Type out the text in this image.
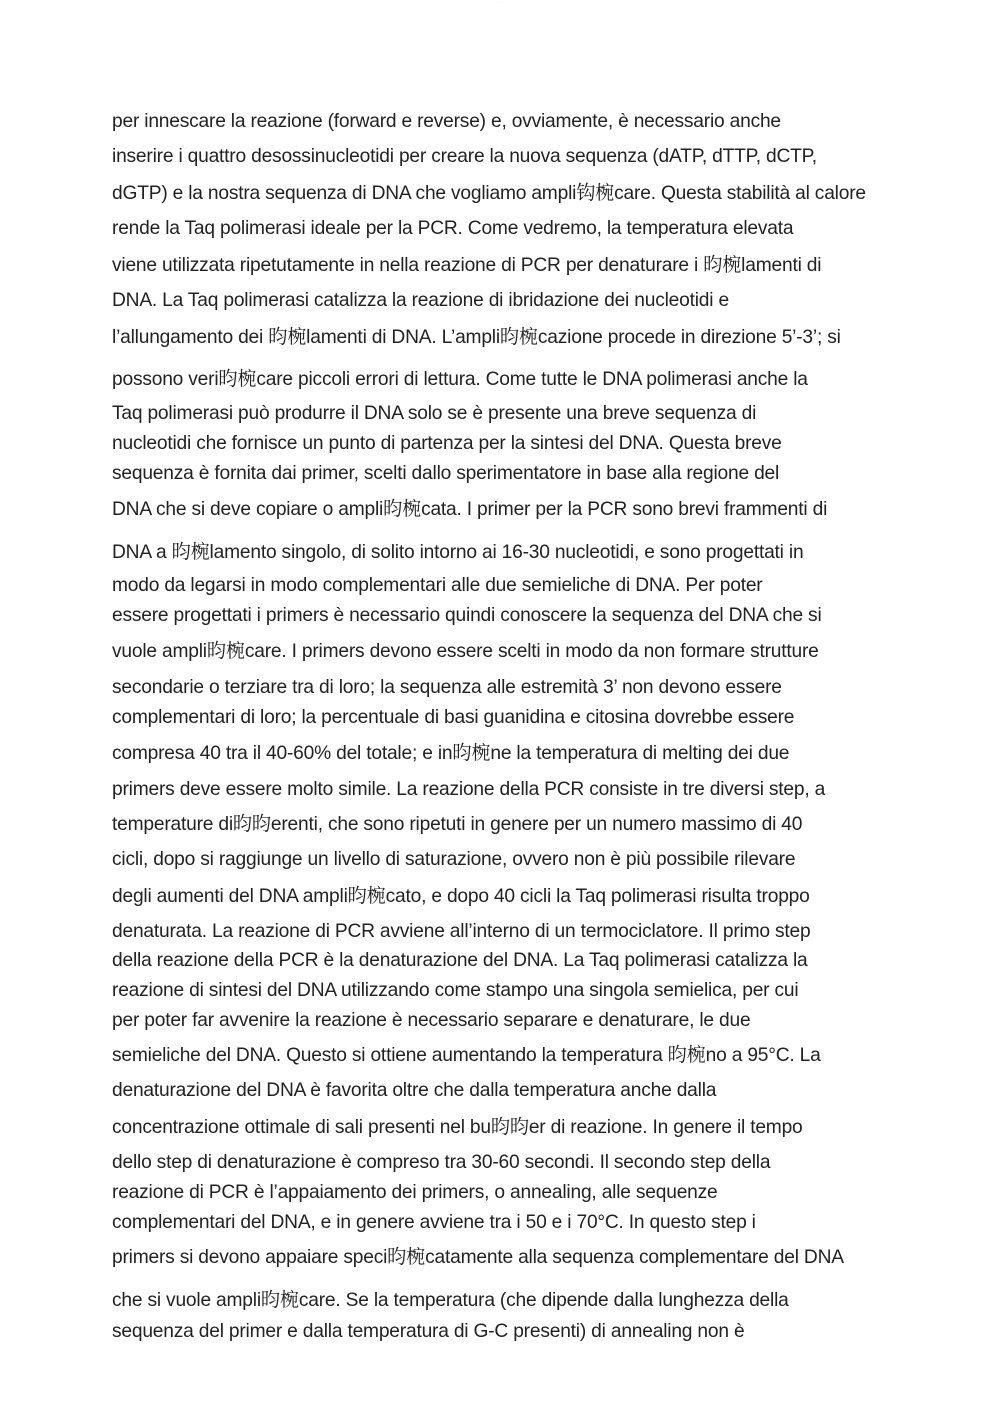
·········
per innescare la reazione (forward e reverse) e, ovviamente, è necessario anche
inserire i quattro desossinucleotidi per creare la nuova sequenza (dATP, dTTP, dCTP,
dGTP) e la nostra sequenza di DNA che vogliamo ampli钩椀care. Questa stabilità al calore
rende la Taq polimerasi ideale per la PCR. Come vedremo, la temperatura elevata
viene utilizzata ripetutamente in nella reazione di PCR per denaturare i 昀椀lamenti di
DNA. La Taq polimerasi catalizza la reazione di ibridazione dei nucleotidi e
l’allungamento dei 昀椀lamenti di DNA. L’ampli昀椀cazione procede in direzione 5’-3’; si
possono veri昀椀care piccoli errori di lettura. Come tutte le DNA polimerasi anche la
Taq polimerasi può produrre il DNA solo se è presente una breve sequenza di
nucleotidi che fornisce un punto di partenza per la sintesi del DNA. Questa breve
sequenza è fornita dai primer, scelti dallo sperimentatore in base alla regione del
DNA che si deve copiare o ampli昀椀cata. I primer per la PCR sono brevi frammenti di
DNA a 昀椀lamento singolo, di solito intorno ai 16-30 nucleotidi, e sono progettati in
modo da legarsi in modo complementari alle due semieliche di DNA. Per poter
essere progettati i primers è necessario quindi conoscere la sequenza del DNA che si
vuole ampli昀椀care. I primers devono essere scelti in modo da non formare strutture
secondarie o terziare tra di loro; la sequenza alle estremità 3’ non devono essere
complementari di loro; la percentuale di basi guanidina e citosina dovrebbe essere
compresa 40 tra il 40-60% del totale; e in昀椀ne la temperatura di melting dei due
primers deve essere molto simile. La reazione della PCR consiste in tre diversi step, a
temperature di昀昀erenti, che sono ripetuti in genere per un numero massimo di 40
cicli, dopo si raggiunge un livello di saturazione, ovvero non è più possibile rilevare
degli aumenti del DNA ampli昀椀cato, e dopo 40 cicli la Taq polimerasi risulta troppo
denaturata. La reazione di PCR avviene all’interno di un termociclatore. Il primo step
della reazione della PCR è la denaturazione del DNA. La Taq polimerasi catalizza la
reazione di sintesi del DNA utilizzando come stampo una singola semielica, per cui
per poter far avvenire la reazione è necessario separare e denaturare, le due
semieliche del DNA. Questo si ottiene aumentando la temperatura 昀椀no a 95°C. La
denaturazione del DNA è favorita oltre che dalla temperatura anche dalla
concentrazione ottimale di sali presenti nel bu昀昀er di reazione. In genere il tempo
dello step di denaturazione è compreso tra 30-60 secondi. Il secondo step della
reazione di PCR è l’appaiamento dei primers, o annealing, alle sequenze
complementari del DNA, e in genere avviene tra i 50 e i 70°C. In questo step i
primers si devono appaiare speci昀椀catamente alla sequenza complementare del DNA
che si vuole ampli昀椀care. Se la temperatura (che dipende dalla lunghezza della
sequenza del primer e dalla temperatura di G-C presenti) di annealing non è
